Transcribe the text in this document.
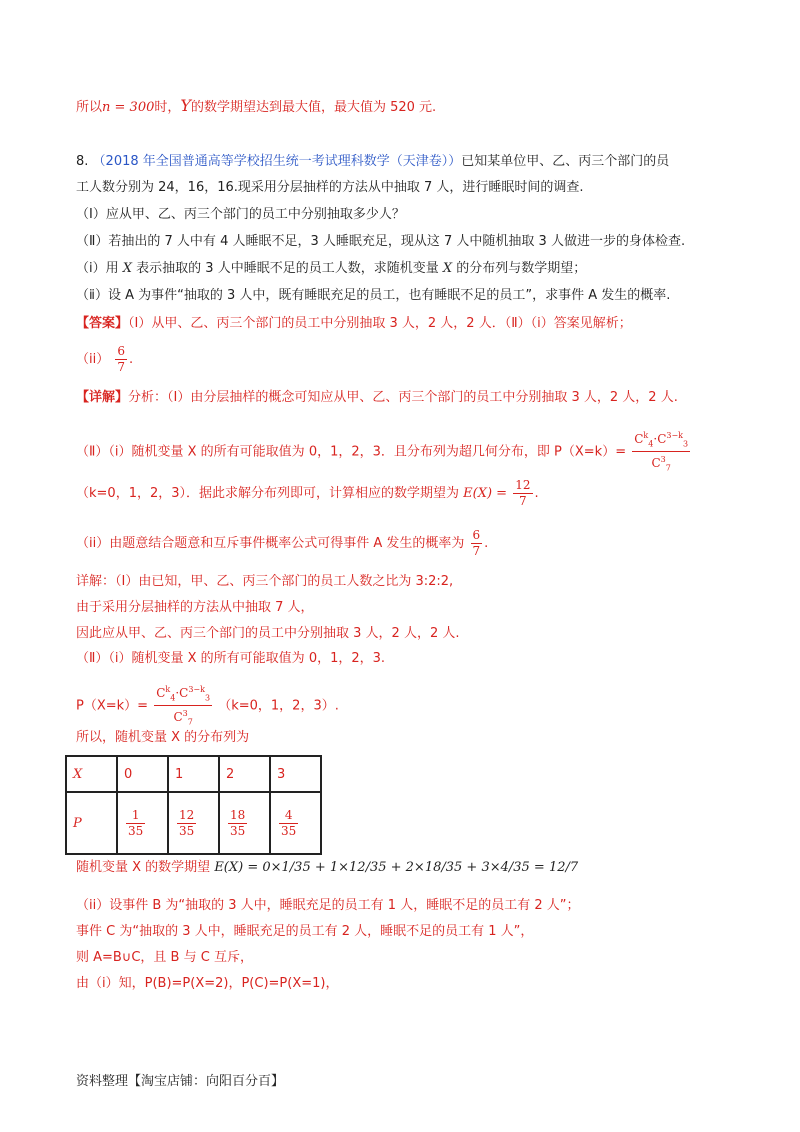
所以n = 300时，Y的数学期望达到最大值，最大值为 520 元.
8. （2018 年全国普通高等学校招生统一考试理科数学（天津卷））已知某单位甲、乙、丙三个部门的员
工人数分别为 24，16，16.现采用分层抽样的方法从中抽取 7 人，进行睡眠时间的调查.
（Ⅰ）应从甲、乙、丙三个部门的员工中分别抽取多少人？
（Ⅱ）若抽出的 7 人中有 4 人睡眠不足，3 人睡眠充足，现从这 7 人中随机抽取 3 人做进一步的身体检查.
（ⅰ）用 X 表示抽取的 3 人中睡眠不足的员工人数，求随机变量 X 的分布列与数学期望；
（ⅱ）设 A 为事件“抽取的 3 人中，既有睡眠充足的员工，也有睡眠不足的员工”，求事件 A 发生的概率.
【答案】（Ⅰ）从甲、乙、丙三个部门的员工中分别抽取 3 人，2 人，2 人．（Ⅱ）（i）答案见解析；
$(ii) \frac{6}{7}$ .
【详解】分析：（Ⅰ）由分层抽样的概念可知应从甲、乙、丙三个部门的员工中分别抽取 3 人，2 人，2 人.
（Ⅱ）（i）随机变量 X 的所有可能取值为 0，1，2，3．且分布列为超几何分布，即 $P(X=k)= \frac{C^k_4\cdot C^{3-k}_3}{C^3_7}$
（k=0，1，2，3）．据此求解分布列即可，计算相应的数学期望为 $E(X) = \frac{12}{7}$ .
（ii）由题意结合题意和互斥事件概率公式可得事件 A 发生的概率为 $\frac{6}{7}$ .
详解：（Ⅰ）由已知，甲、乙、丙三个部门的员工人数之比为 3:2:2,
由于采用分层抽样的方法从中抽取 7 人，
因此应从甲、乙、丙三个部门的员工中分别抽取 3 人，2 人，2 人.
（Ⅱ）（i）随机变量 X 的所有可能取值为 0，1，2，3.
$P(X=k)= \frac{C^k_4\cdot C^{3-k}_3}{C^3_7} (k=0$，1，2，3）.
所以，随机变量 X 的分布列为
X	0	1	2	3
P	$\frac{1}{35}$	$\frac{12}{35}$	$\frac{18}{35}$	$\frac{4}{35}$
随机变量 X 的数学期望 E(X) = 0×1/35 + 1×12/35 + 2×18/35 + 3×4/35 = 12/7
（ii）设事件 B 为“抽取的 3 人中，睡眠充足的员工有 1 人，睡眠不足的员工有 2 人”；
事件 C 为“抽取的 3 人中，睡眠充足的员工有 2 人，睡眠不足的员工有 1 人”，
则 A=B∪C，且 B 与 C 互斥，
由（i）知，P(B)=P(X=2)，P(C)=P(X=1)，
资料整理【淘宝店铺：向阳百分百】
